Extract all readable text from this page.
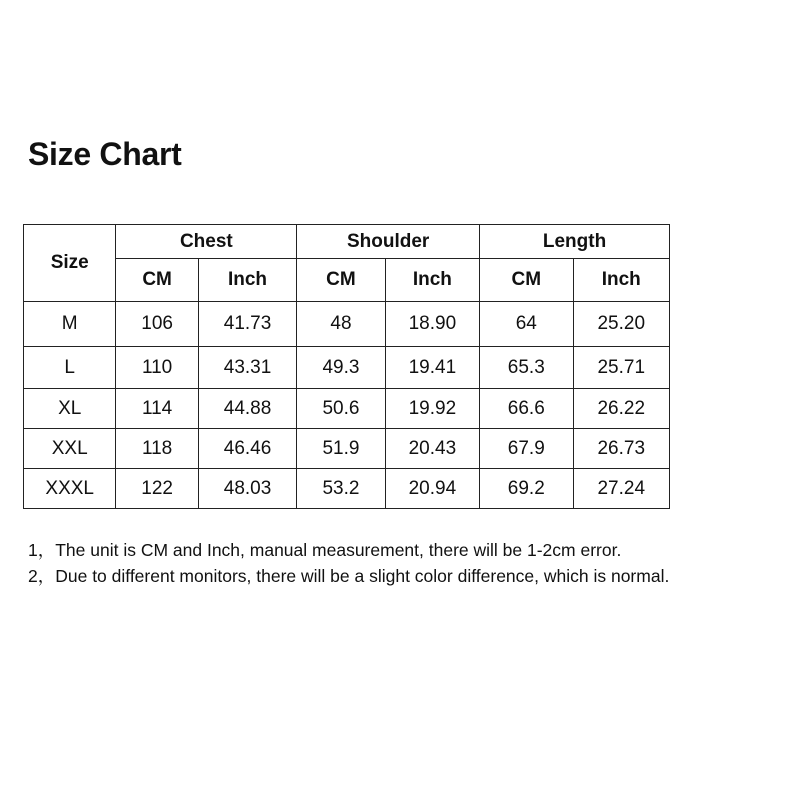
Size Chart
Size	Chest		Shoulder		Length	
	CM	Inch	CM	Inch	CM	Inch
M	106	41.73	48	18.90	64	25.20
L	110	43.31	49.3	19.41	65.3	25.71
XL	114	44.88	50.6	19.92	66.6	26.22
XXL	118	46.46	51.9	20.43	67.9	26.73
XXXL	122	48.03	53.2	20.94	69.2	27.24
1，The unit is CM and Inch, manual measurement, there will be 1-2cm error.
2，Due to different monitors, there will be a slight color difference, which is normal.
